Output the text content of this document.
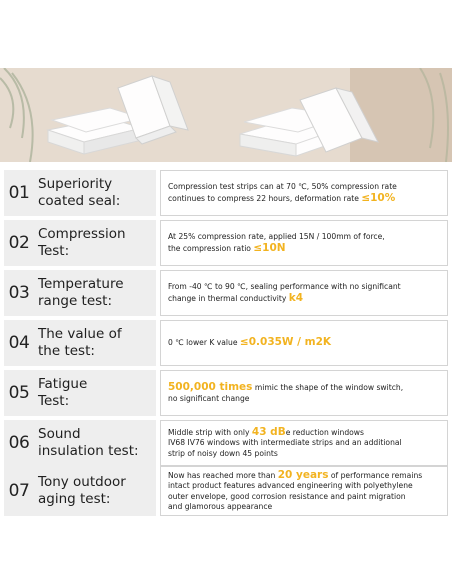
01 Superiority
coated seal:
Compression test strips can at 70 ℃, 50% compression rate
continues to compress 22 hours, deformation rate ≤10%
02 Compression
Test:
At 25% compression rate, applied 15N / 100mm of force,
the compression ratio ≤10N
03 Temperature
range test:
From -40 ℃ to 90 ℃, sealing performance with no significant
change in thermal conductivity k4
04 The value of
the test:
0 ℃ lower K value ≤0.035W / m2K
05 Fatigue
Test:
500,000 times mimic the shape of the window switch,
no significant change
06 Sound
insulation test:
Middle strip with only 43 dBe reduction windows
IV68 IV76 windows with intermediate strips and an additional
strip of noisy down 45 points
07 Tony outdoor
aging test:
Now has reached more than 20 years of performance remains
intact product features advanced engineering with polyethylene
outer envelope, good corrosion resistance and paint migration
and glamorous appearance
